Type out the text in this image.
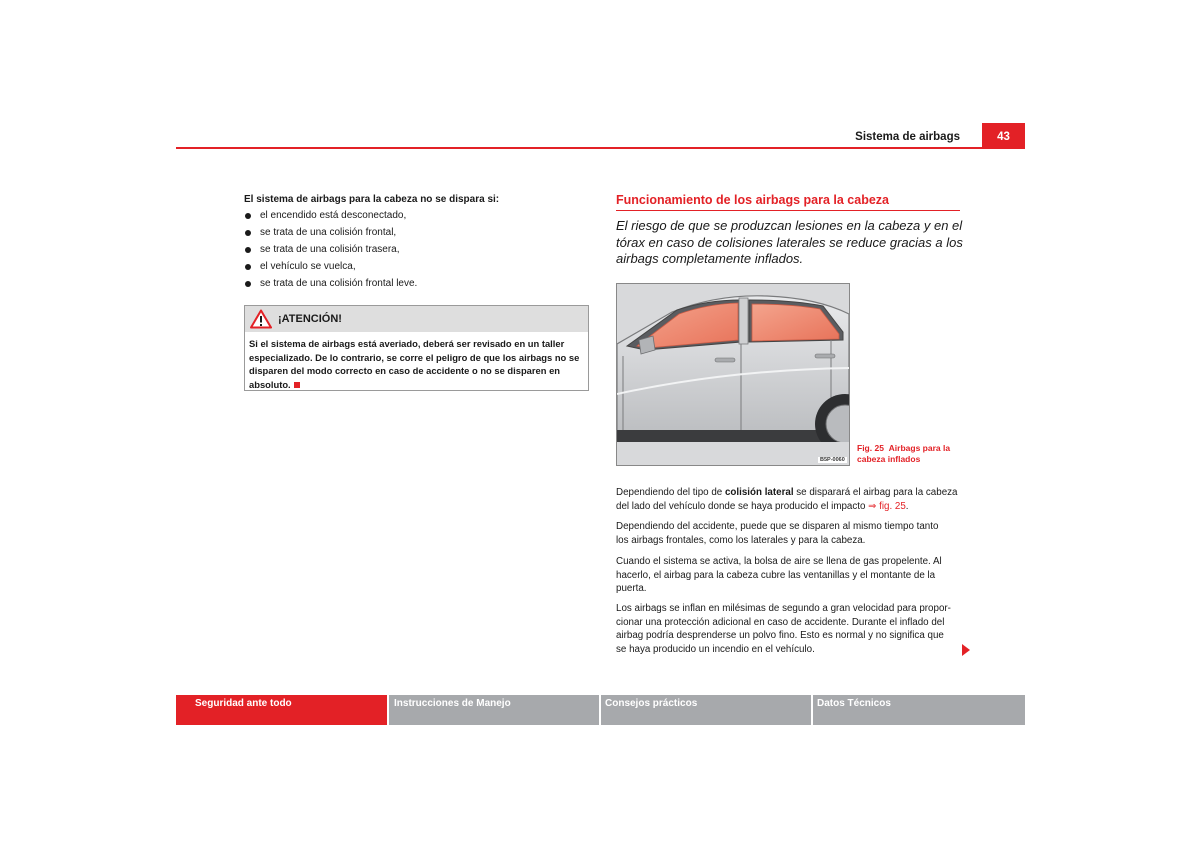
Sistema de airbags	43
El sistema de airbags para la cabeza no se dispara si:
el encendido está desconectado,
se trata de una colisión frontal,
se trata de una colisión trasera,
el vehículo se vuelca,
se trata de una colisión frontal leve.
¡ATENCIÓN!
Si el sistema de airbags está averiado, deberá ser revisado en un taller
especializado. De lo contrario, se corre el peligro de que los airbags no se
disparen del modo correcto en caso de accidente o no se disparen en
absoluto.
Funcionamiento de los airbags para la cabeza
El riesgo de que se produzcan lesiones en la cabeza y en el
tórax en caso de colisiones laterales se reduce gracias a los
airbags completamente inflados.
B5P-0060
Fig. 25 Airbags para la
cabeza inflados
Dependiendo del tipo de colisión lateral se disparará el airbag para la cabeza
del lado del vehículo donde se haya producido el impacto ⇒ fig. 25.
Dependiendo del accidente, puede que se disparen al mismo tiempo tanto
los airbags frontales, como los laterales y para la cabeza.
Cuando el sistema se activa, la bolsa de aire se llena de gas propelente. Al
hacerlo, el airbag para la cabeza cubre las ventanillas y el montante de la
puerta.
Los airbags se inflan en milésimas de segundo a gran velocidad para propor-
cionar una protección adicional en caso de accidente. Durante el inflado del
airbag podría desprenderse un polvo fino. Esto es normal y no significa que
se haya producido un incendio en el vehículo.
Seguridad ante todo	Instrucciones de Manejo	Consejos prácticos	Datos Técnicos
